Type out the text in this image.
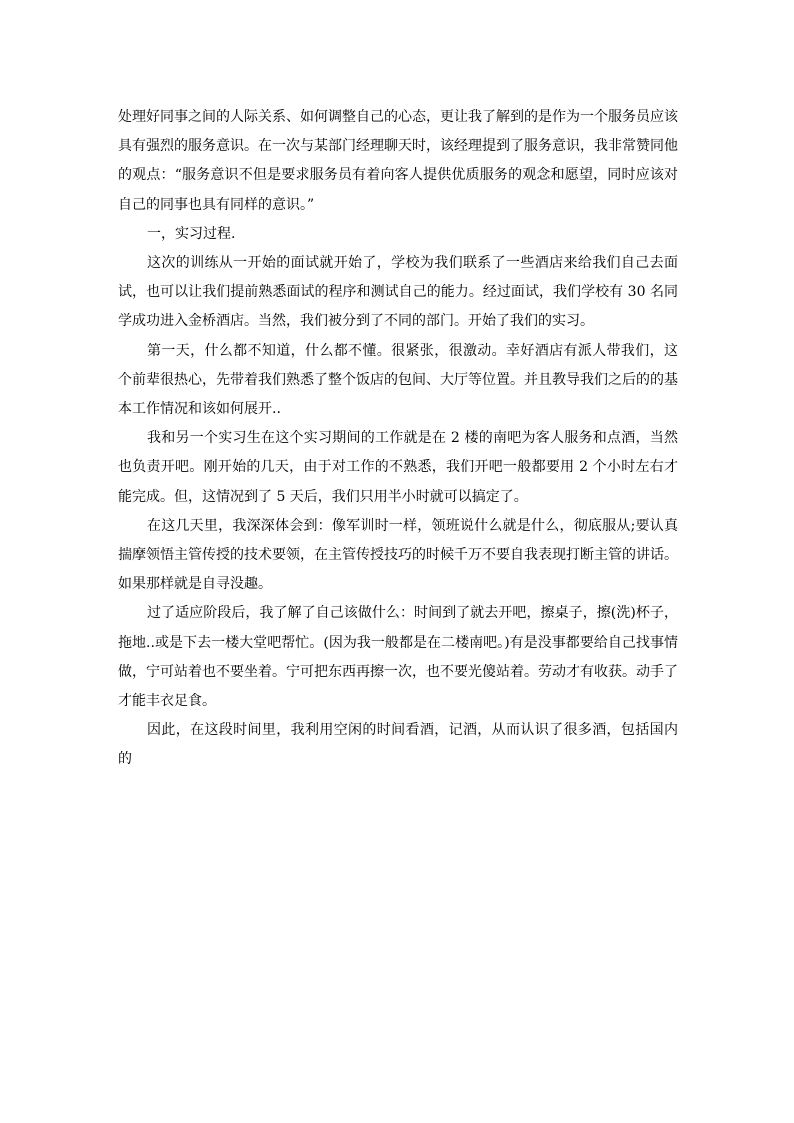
处理好同事之间的人际关系、如何调整自己的心态，更让我了解到的是作为一个服务员应该具有强烈的服务意识。在一次与某部门经理聊天时，该经理提到了服务意识，我非常赞同他的观点：“服务意识不但是要求服务员有着向客人提供优质服务的观念和愿望，同时应该对自己的同事也具有同样的意识。”

一，实习过程.

这次的训练从一开始的面试就开始了，学校为我们联系了一些酒店来给我们自己去面试，也可以让我们提前熟悉面试的程序和测试自己的能力。经过面试，我们学校有 30 名同学成功进入金桥酒店。当然，我们被分到了不同的部门。开始了我们的实习。

第一天，什么都不知道，什么都不懂。很紧张，很激动。幸好酒店有派人带我们，这个前辈很热心，先带着我们熟悉了整个饭店的包间、大厅等位置。并且教导我们之后的的基本工作情况和该如何展开..

我和另一个实习生在这个实习期间的工作就是在 2 楼的南吧为客人服务和点酒，当然也负责开吧。刚开始的几天，由于对工作的不熟悉，我们开吧一般都要用 2 个小时左右才能完成。但，这情况到了 5 天后，我们只用半小时就可以搞定了。

在这几天里，我深深体会到：像军训时一样，领班说什么就是什么，彻底服从;要认真揣摩领悟主管传授的技术要领，在主管传授技巧的时候千万不要自我表现打断主管的讲话。如果那样就是自寻没趣。

过了适应阶段后，我了解了自己该做什么：时间到了就去开吧，擦桌子，擦(洗)杯子，拖地..或是下去一楼大堂吧帮忙。(因为我一般都是在二楼南吧。)有是没事都要给自己找事情做，宁可站着也不要坐着。宁可把东西再擦一次，也不要光傻站着。劳动才有收获。动手了才能丰衣足食。

因此，在这段时间里，我利用空闲的时间看酒，记酒，从而认识了很多酒，包括国内的
